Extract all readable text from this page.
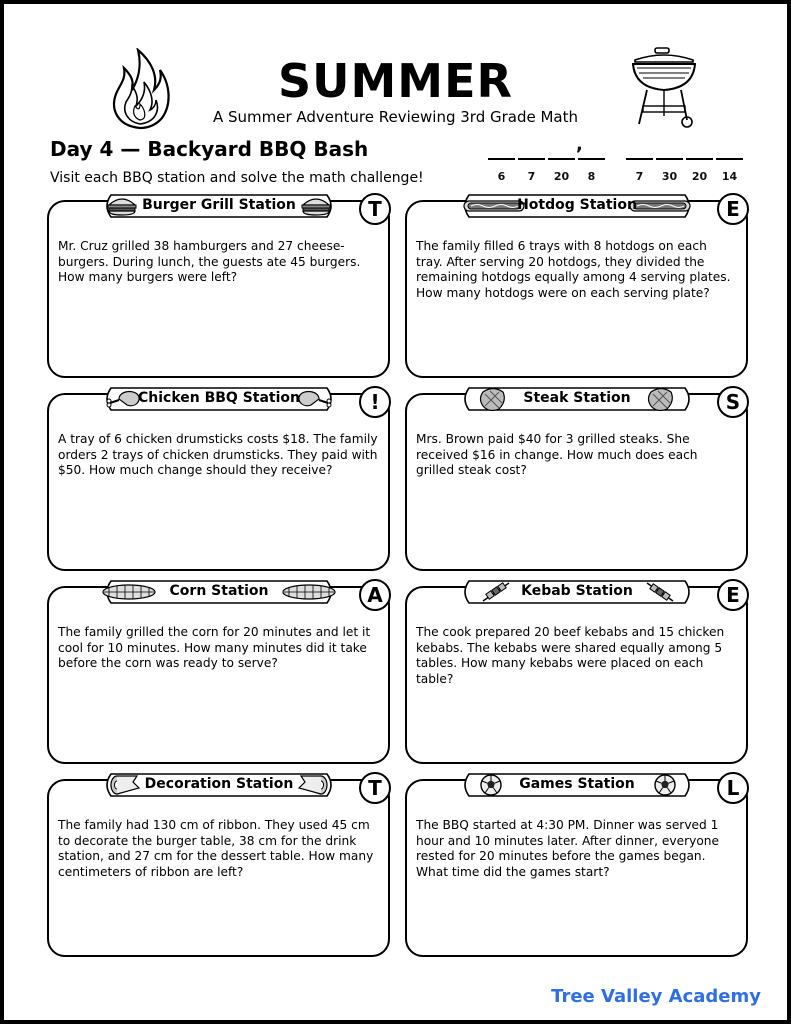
SUMMER
A Summer Adventure Reviewing 3rd Grade Math
Day 4 — Backyard BBQ Bash
Visit each BBQ station and solve the math challenge!
,
6	7	20	8	7	30	20	14
Burger Grill Station	T
Mr. Cruz grilled 38 hamburgers and 27 cheese-burgers. During lunch, the guests ate 45 burgers. How many burgers were left?
Hotdog Station	E
The family filled 6 trays with 8 hotdogs on each tray. After serving 20 hotdogs, they divided the remaining hotdogs equally among 4 serving plates. How many hotdogs were on each serving plate?
Chicken BBQ Station	!
A tray of 6 chicken drumsticks costs $18. The family orders 2 trays of chicken drumsticks. They paid with $50. How much change should they receive?
Steak Station	S
Mrs. Brown paid $40 for 3 grilled steaks. She received $16 in change. How much does each grilled steak cost?
Corn Station	A
The family grilled the corn for 20 minutes and let it cool for 10 minutes. How many minutes did it take before the corn was ready to serve?
Kebab Station	E
The cook prepared 20 beef kebabs and 15 chicken kebabs. The kebabs were shared equally among 5 tables. How many kebabs were placed on each table?
Decoration Station	T
The family had 130 cm of ribbon. They used 45 cm to decorate the burger table, 38 cm for the drink station, and 27 cm for the dessert table. How many centimeters of ribbon are left?
Games Station	L
The BBQ started at 4:30 PM. Dinner was served 1 hour and 10 minutes later. After dinner, everyone rested for 20 minutes before the games began. What time did the games start?
Tree Valley Academy
